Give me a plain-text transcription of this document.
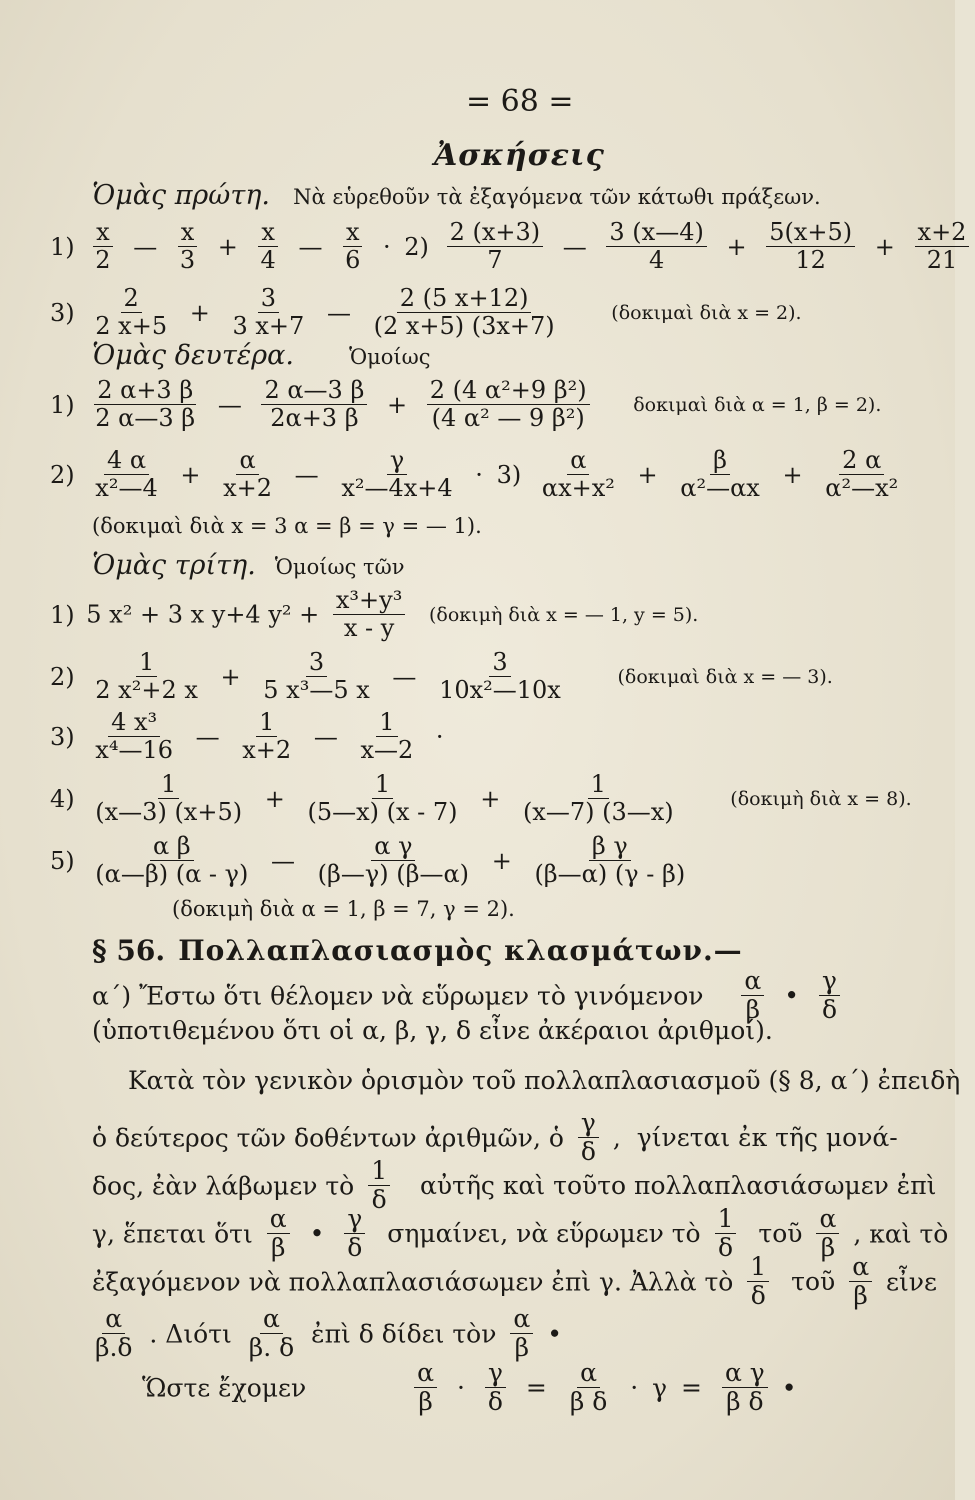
= 68 =
Ἀσκήσεις
Ὁμὰς πρώτη. Νὰ εὑρεθοῦν τὰ ἐξαγόμενα τῶν κάτωθι πράξεων.
$1) \frac{x}{2}$ — $\frac{x}{3} + \frac{x}{4}$ — $\frac{x}{6} \cdot 2) \frac{2 (x+3)}{7}$ — $\frac{3 (x—4)}{4} + \frac{5(x+5)}{12} + \frac{x+2}{21}$
$3) \frac{2}{2 x+5} + \frac{3}{3 x+7}$ — $\frac{2 (5 x+12)}{(2 x+5) (3x+7)}$	(δοκιμαὶ διὰ x = 2).
Ὁμὰς δευτέρα.	Ὁμοίως
$1) \frac{2 \alpha+3 \beta}{2 \alpha—3 \beta}$ — $\frac{2 \alpha—3 \beta}{2\alpha+3 \beta} + \frac{\text{2 (4 α²+9 β²)}}{\text{(4 α² — 9 β²)}}$ δοκιμαὶ διὰ α = 1, β = 2).
$2) \frac{4 \alpha}{\text{x²—4}} + \frac{\alpha}{x+2}$ — $\frac{\gamma}{\text{x²—4x+4}} \cdot 3) \frac{\alpha}{\text{αx+x²}} + \frac{\beta}{\text{α²—αx}} + \frac{2 \alpha}{\text{α²—x²}}$
(δοκιμαὶ διὰ x = 3 α = β = γ = — 1).
Ὁμὰς τρίτη. Ὁμοίως τῶν
1) 5 x² + 3 x y+4 $y^2 + \frac{\text{x³+y³}}{x - y}$ (δοκιμὴ διὰ x = — 1, y = 5).
$2) \frac{1}{\text{2 x²+2 x}} + \frac{3}{\text{5 x³—5 x}}$ — $\frac{3}{\text{10x²—10x}}$	(δοκιμαὶ διὰ x = — 3).
$3) \frac{\text{4 x³}}{\text{x⁴—16}}$ — $\frac{1}{x+2}$ — $\frac{1}{x—2}$ ·
$4) \frac{1}{(x—3) (x+5)} + \frac{1}{(5—x) (x - 7)} + \frac{1}{(x—7) (3—x)}$	(δοκιμὴ διὰ x = 8).
$5) \frac{\text{α β}}{(\alpha—\beta) (\alpha - \gamma)}$ — $\frac{\text{α γ}}{(\beta—\gamma) (\beta—\alpha)} + \frac{\text{β γ}}{(\beta—\alpha) (\gamma - \beta)}$
(δοκιμὴ διὰ α = 1, β = 7, γ = 2).
§ 56. Πολλαπλασιασμὸς κλασμάτων.—
α΄) Ἔστω ὅτι θέλομεν νὰ εὕρωμεν τὸ γινόμενον $\frac{\alpha}{\beta}$ • $\frac{\gamma}{\delta}$
(ὑποτιθεμένου ὅτι οἱ α, β, γ, δ εἶνε ἀκέραιοι ἀριθμοί).
Κατὰ τὸν γενικὸν ὁρισμὸν τοῦ πολλαπλασιασμοῦ (§ 8, α΄) ἐπειδὴ
ὁ δεύτερος τῶν δοθέντων ἀριθμῶν, ὁ $\frac{\gamma}{\delta}$ , γίνεται ἐκ τῆς μονά-
δος, ἐὰν λάβωμεν τὸ $\frac{1}{\delta}$ αὐτῆς καὶ τοῦτο πολλαπλασιάσωμεν ἐπὶ
γ, ἕπεται ὅτι $\frac{\alpha}{\beta}$ • $\frac{\gamma}{\delta} \sigma\eta\mu\alpha ί\nu\varepsilon\iota$, νὰ εὕρωμεν τὸ $\frac{1}{\delta}$ τοῦ $\frac{\alpha}{\beta}$ , καὶ τὸ
ἐξαγόμενον νὰ πολλαπλασιάσωμεν ἐπὶ γ. Ἀλλὰ τὸ $\frac{1}{\delta}$ τοῦ $\frac{\alpha}{\beta}$ εἶνε
$\frac{\alpha}{\beta.\delta}$ . Διότι $\frac{\alpha}{\beta. \delta}$ ἐπὶ δ δίδει τὸν $\frac{\alpha}{\beta}$ •
Ὥστε ἔχομεν	$\frac{\alpha}{\beta} \cdot \frac{\gamma}{\delta} = \frac{\alpha}{\text{β δ}} \cdot \gamma = \frac{\text{α γ}}{\text{β δ}}$ •
